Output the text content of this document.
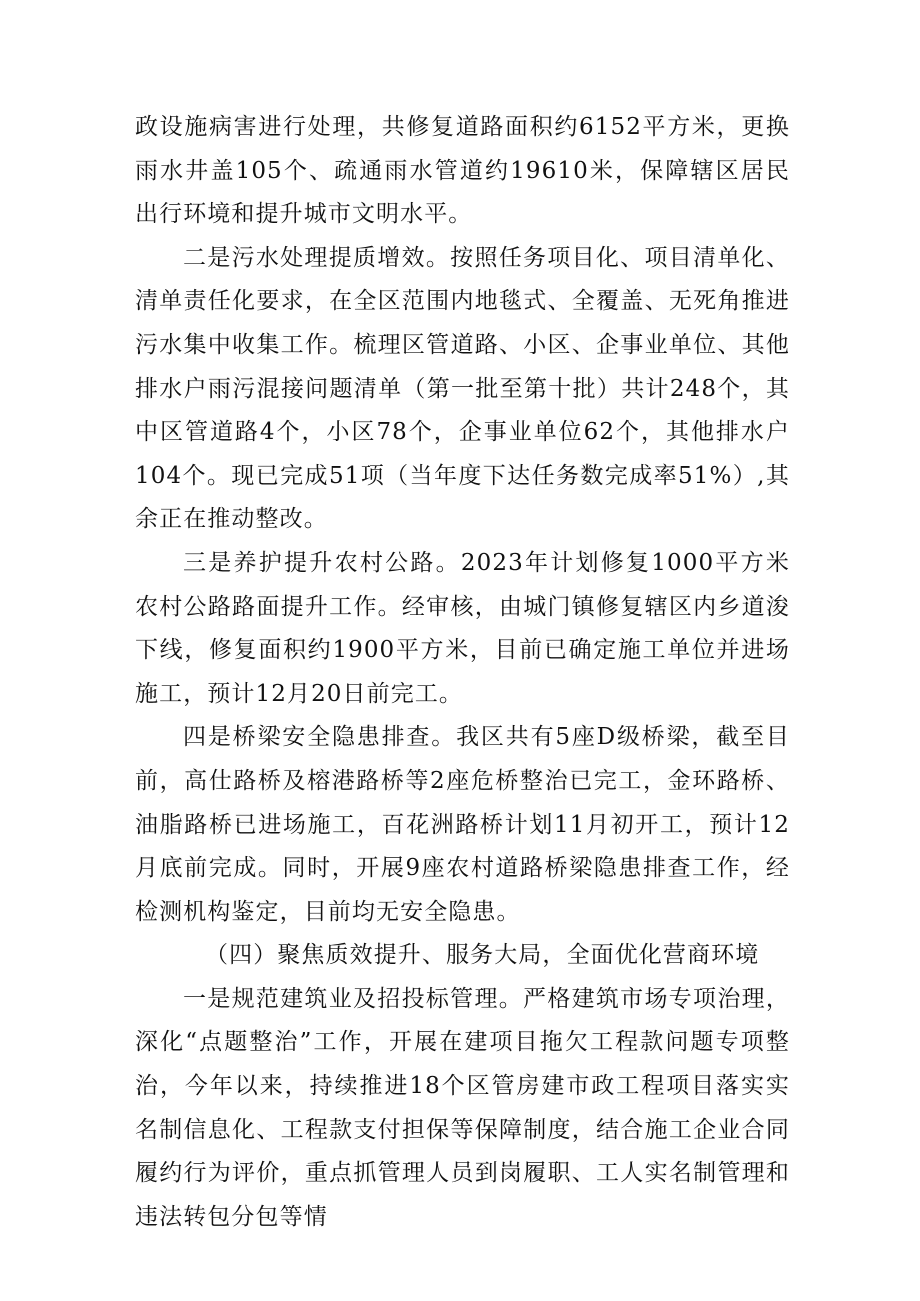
政设施病害进行处理，共修复道路面积约6152平方米，更换雨水井盖105个、疏通雨水管道约19610米，保障辖区居民出行环境和提升城市文明水平。

二是污水处理提质增效。按照任务项目化、项目清单化、清单责任化要求，在全区范围内地毯式、全覆盖、无死角推进污水集中收集工作。梳理区管道路、小区、企事业单位、其他排水户雨污混接问题清单（第一批至第十批）共计248个，其中区管道路4个，小区78个，企事业单位62个，其他排水户104个。现已完成51项（当年度下达任务数完成率51%）,其余正在推动整改。

三是养护提升农村公路。2023年计划修复1000平方米农村公路路面提升工作。经审核，由城门镇修复辖区内乡道浚下线，修复面积约1900平方米，目前已确定施工单位并进场施工，预计12月20日前完工。

四是桥梁安全隐患排查。我区共有5座D级桥梁，截至目前，高仕路桥及榕港路桥等2座危桥整治已完工，金环路桥、油脂路桥已进场施工，百花洲路桥计划11月初开工，预计12月底前完成。同时，开展9座农村道路桥梁隐患排查工作，经检测机构鉴定，目前均无安全隐患。

（四）聚焦质效提升、服务大局，全面优化营商环境

一是规范建筑业及招投标管理。严格建筑市场专项治理，深化“点题整治”工作，开展在建项目拖欠工程款问题专项整治，今年以来，持续推进18个区管房建市政工程项目落实实名制信息化、工程款支付担保等保障制度，结合施工企业合同履约行为评价，重点抓管理人员到岗履职、工人实名制管理和违法转包分包等情
